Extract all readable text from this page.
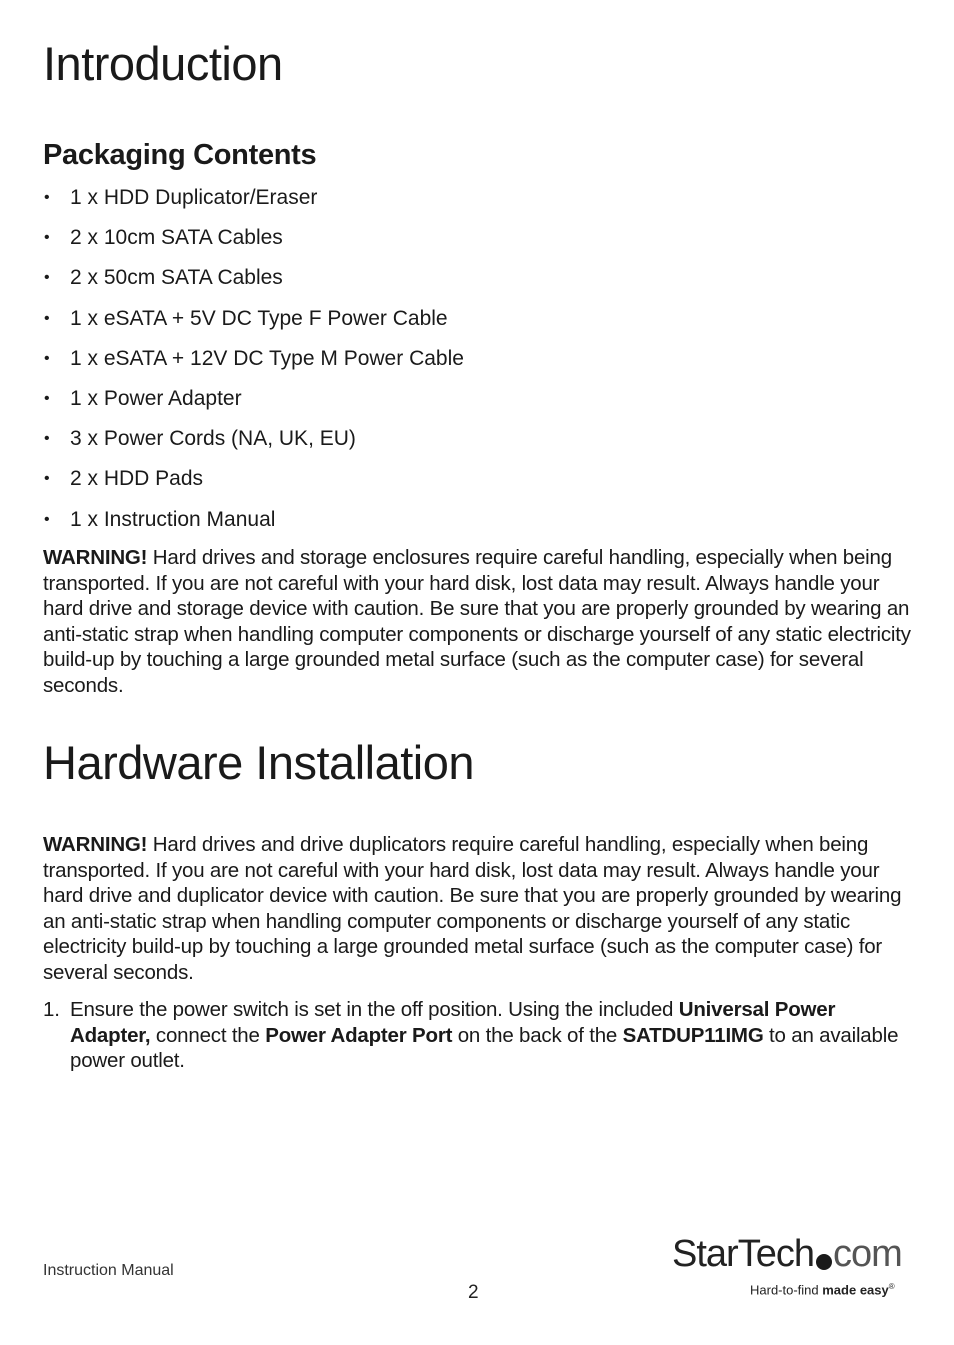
Introduction
Packaging Contents
• 1 x HDD Duplicator/Eraser
• 2 x 10cm SATA Cables
• 2 x 50cm SATA Cables
• 1 x eSATA + 5V DC Type F Power Cable
• 1 x eSATA + 12V DC Type M Power Cable
• 1 x Power Adapter
• 3 x Power Cords (NA, UK, EU)
• 2 x HDD Pads
• 1 x Instruction Manual

WARNING! Hard drives and storage enclosures require careful handling, especially when being transported. If you are not careful with your hard disk, lost data may result. Always handle your hard drive and storage device with caution. Be sure that you are properly grounded by wearing an anti-static strap when handling computer components or discharge yourself of any static electricity build-up by touching a large grounded metal surface (such as the computer case) for several seconds.

Hardware Installation

WARNING! Hard drives and drive duplicators require careful handling, especially when being transported. If you are not careful with your hard disk, lost data may result. Always handle your hard drive and duplicator device with caution. Be sure that you are properly grounded by wearing an anti-static strap when handling computer components or discharge yourself of any static electricity build-up by touching a large grounded metal surface (such as the computer case) for several seconds.

1. Ensure the power switch is set in the off position. Using the included Universal Power Adapter, connect the Power Adapter Port on the back of the SATDUP11IMG to an available power outlet.
Instruction Manual
2
StarTech com
Hard-to-find made easy®
